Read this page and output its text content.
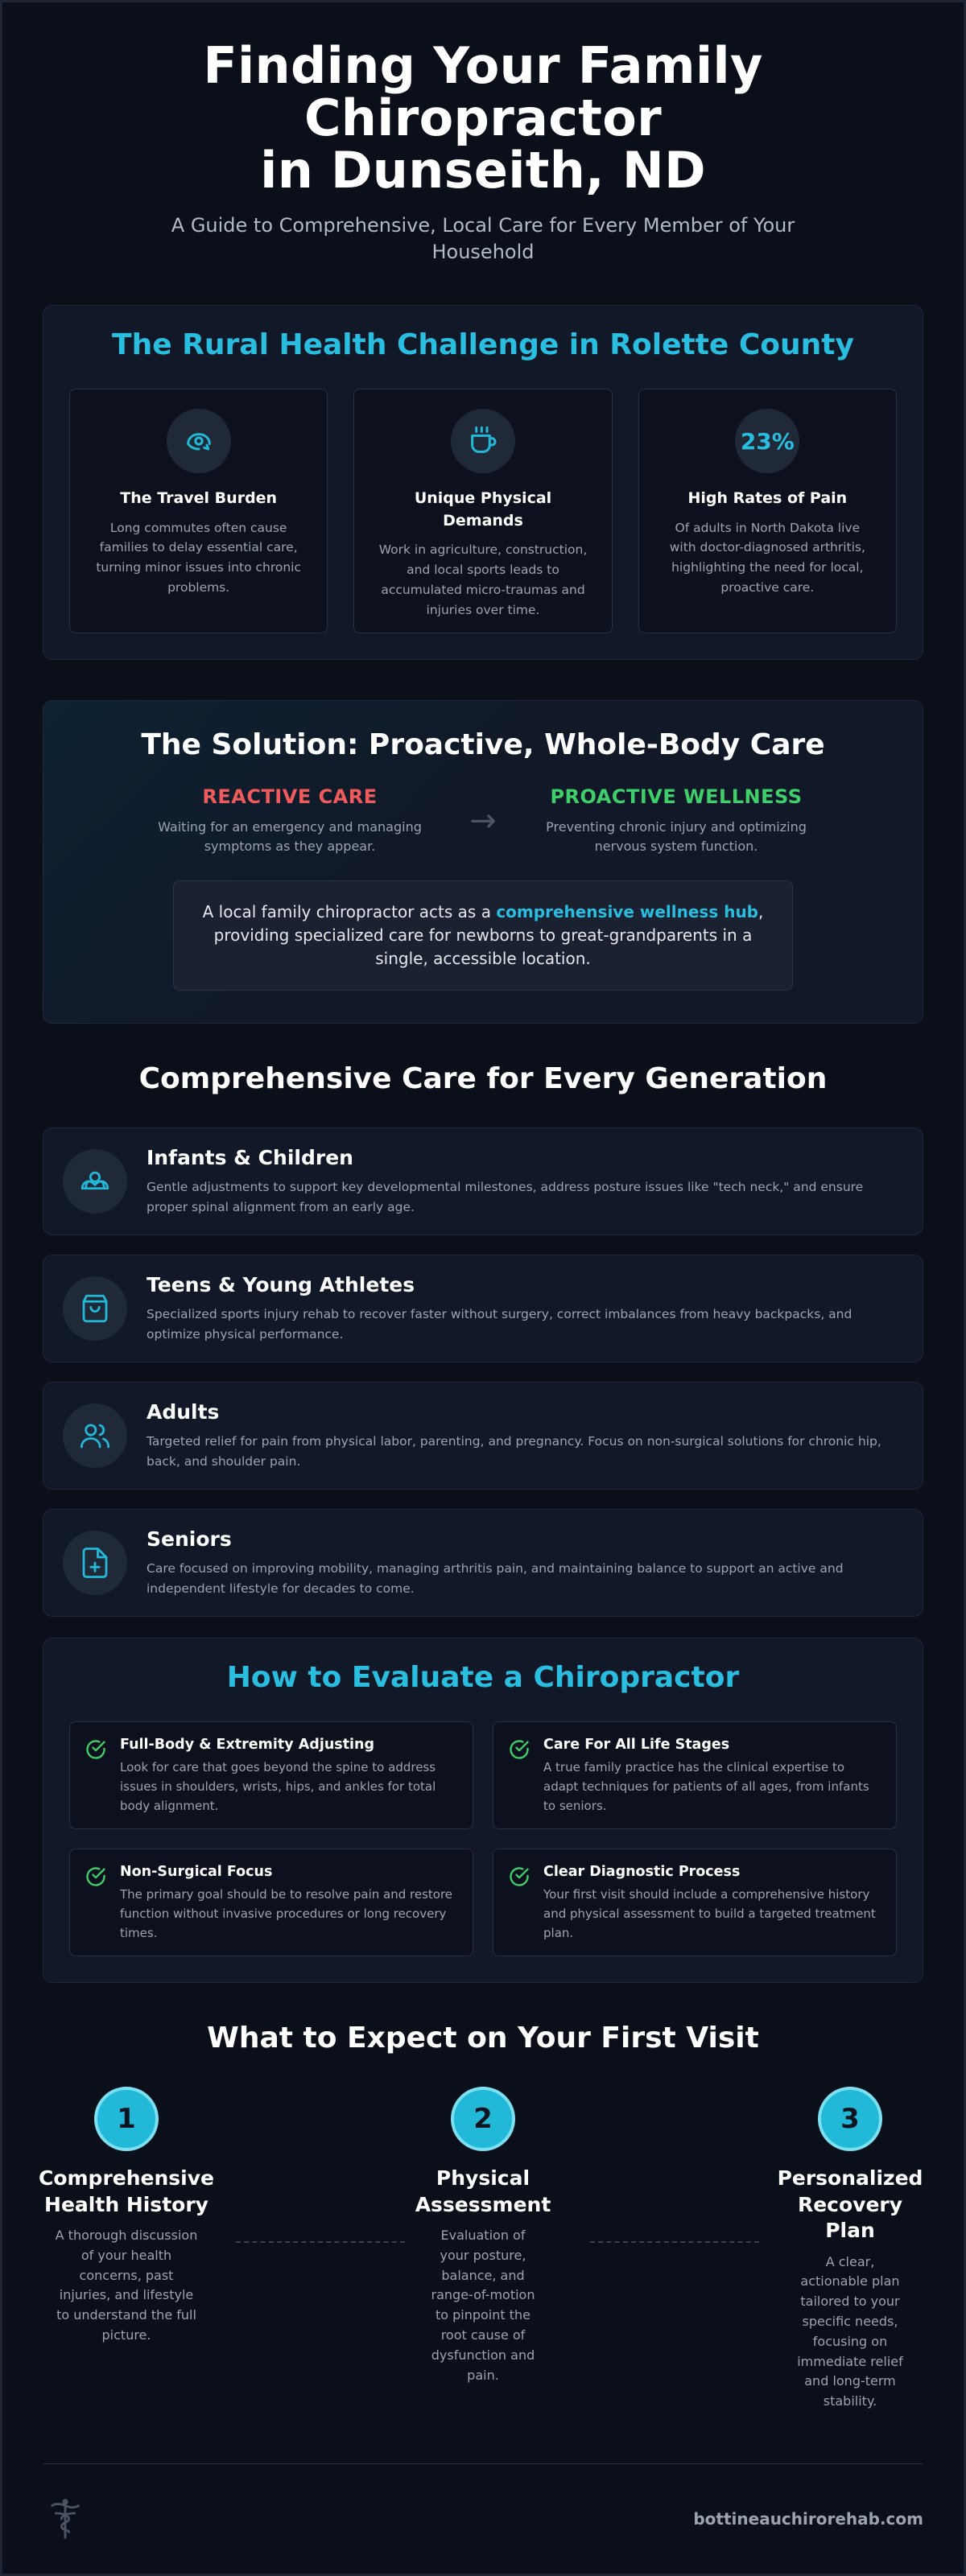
Finding Your Family Chiropractor
in Dunseith, ND

A Guide to Comprehensive, Local Care for Every Member of Your Household

The Rural Health Challenge in Rolette County
The Travel Burden
Long commutes often cause families to delay essential care, turning minor issues into chronic problems.
Unique Physical Demands
Work in agriculture, construction, and local sports leads to accumulated micro-traumas and injuries over time.
23%
High Rates of Pain
Of adults in North Dakota live with doctor-diagnosed arthritis, highlighting the need for local, proactive care.
The Solution: Proactive, Whole-Body Care
REACTIVE CARE
Waiting for an emergency and managing symptoms as they appear.
→
PROACTIVE WELLNESS
Preventing chronic injury and optimizing nervous system function.
A local family chiropractor acts as a comprehensive wellness hub, providing specialized care for newborns to great-grandparents in a single, accessible location.
Comprehensive Care for Every Generation
Infants & Children
Gentle adjustments to support key developmental milestones, address posture issues like "tech neck," and ensure proper spinal alignment from an early age.
Teens & Young Athletes
Specialized sports injury rehab to recover faster without surgery, correct imbalances from heavy backpacks, and optimize physical performance.
Adults
Targeted relief for pain from physical labor, parenting, and pregnancy. Focus on non-surgical solutions for chronic hip, back, and shoulder pain.
Seniors
Care focused on improving mobility, managing arthritis pain, and maintaining balance to support an active and independent lifestyle for decades to come.
How to Evaluate a Chiropractor
Full-Body & Extremity Adjusting
Look for care that goes beyond the spine to address issues in shoulders, wrists, hips, and ankles for total body alignment.
Care For All Life Stages
A true family practice has the clinical expertise to adapt techniques for patients of all ages, from infants to seniors.
Non-Surgical Focus
The primary goal should be to resolve pain and restore function without invasive procedures or long recovery times.
Clear Diagnostic Process
Your first visit should include a comprehensive history and physical assessment to build a targeted treatment plan.
What to Expect on Your First Visit
1
Comprehensive Health History
A thorough discussion of your health concerns, past injuries, and lifestyle to understand the full picture.
2
Physical Assessment
Evaluation of your posture, balance, and range-of-motion to pinpoint the root cause of dysfunction and pain.
3
Personalized Recovery Plan
A clear, actionable plan tailored to your specific needs, focusing on immediate relief and long-term stability.
bottineauchirorehab.com
